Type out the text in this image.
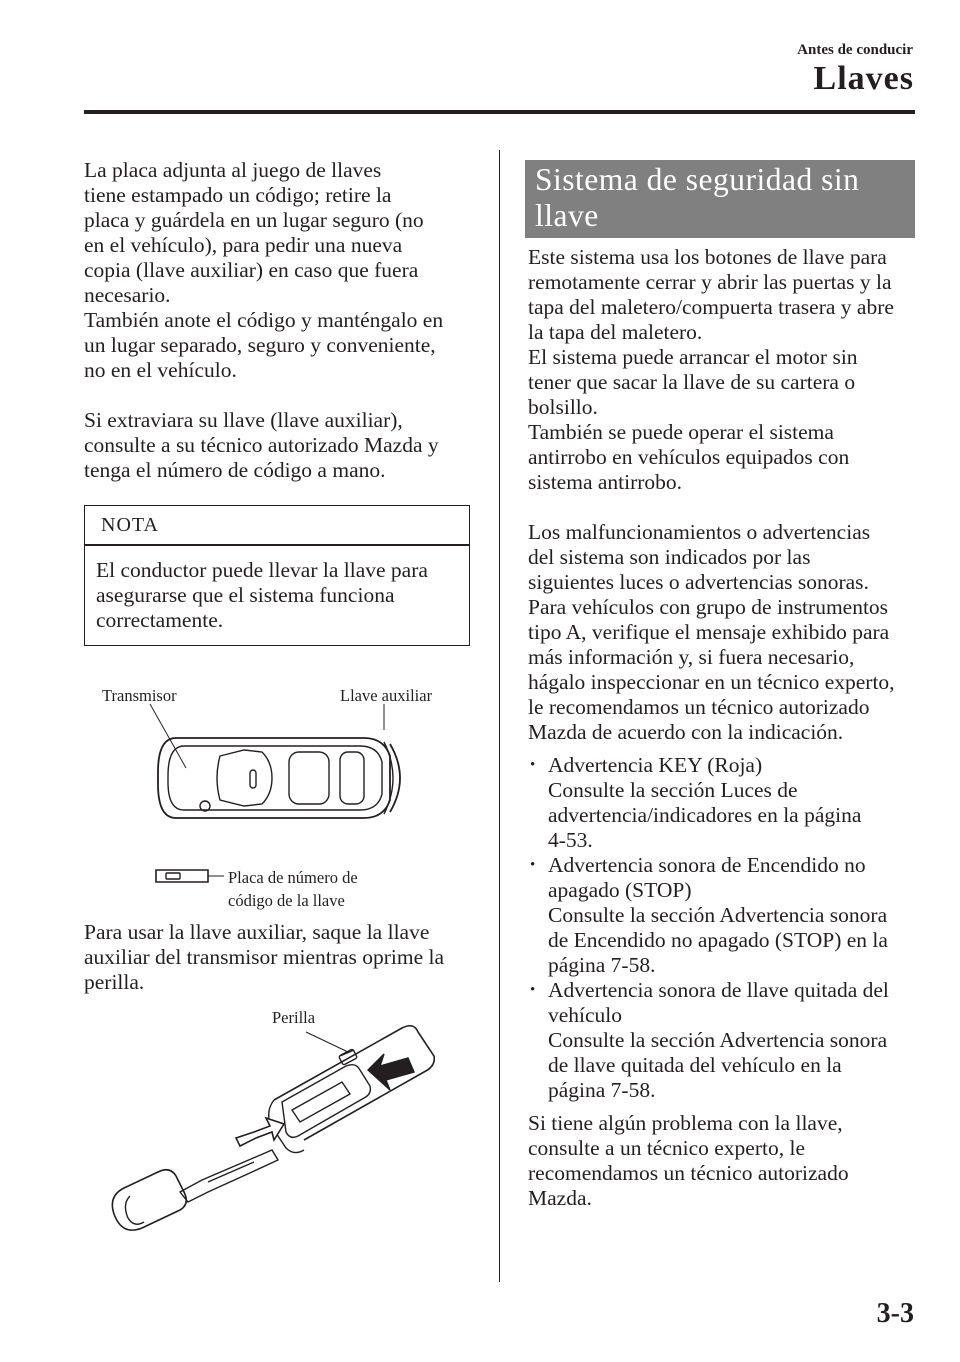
Antes de conducir
Llaves

La placa adjunta al juego de llaves

tiene estampado un código; retire la

placa y guárdela en un lugar seguro (no

en el vehículo), para pedir una nueva

copia (llave auxiliar) en caso que fuera

necesario.

También anote el código y manténgalo en

un lugar separado, seguro y conveniente,

no en el vehículo.

Si extraviara su llave (llave auxiliar),

consulte a su técnico autorizado Mazda y

tenga el número de código a mano.

NOTA
El conductor puede llevar la llave para
asegurarse que el sistema funciona
correctamente.
Transmisor	Llave auxiliar
Placa de número de
código de la llave
Para usar la llave auxiliar, saque la llave
auxiliar del transmisor mientras oprime la
perilla.
Perilla
Sistema de seguridad sin
llave

Este sistema usa los botones de llave para

remotamente cerrar y abrir las puertas y la

tapa del maletero/compuerta trasera y abre

la tapa del maletero.

El sistema puede arrancar el motor sin

tener que sacar la llave de su cartera o

bolsillo.

También se puede operar el sistema

antirrobo en vehículos equipados con

sistema antirrobo.

Los malfuncionamientos o advertencias

del sistema son indicados por las

siguientes luces o advertencias sonoras.

Para vehículos con grupo de instrumentos

tipo A, verifique el mensaje exhibido para

más información y, si fuera necesario,

hágalo inspeccionar en un técnico experto,

le recomendamos un técnico autorizado

Mazda de acuerdo con la indicación.

• Advertencia KEY (Roja)
Consulte la sección Luces de
advertencia/indicadores en la página
4-53.
• Advertencia sonora de Encendido no
apagado (STOP)
Consulte la sección Advertencia sonora
de Encendido no apagado (STOP) en la
página 7-58.
• Advertencia sonora de llave quitada del
vehículo
Consulte la sección Advertencia sonora
de llave quitada del vehículo en la
página 7-58.

Si tiene algún problema con la llave,

consulte a un técnico experto, le

recomendamos un técnico autorizado

Mazda.

3-3
